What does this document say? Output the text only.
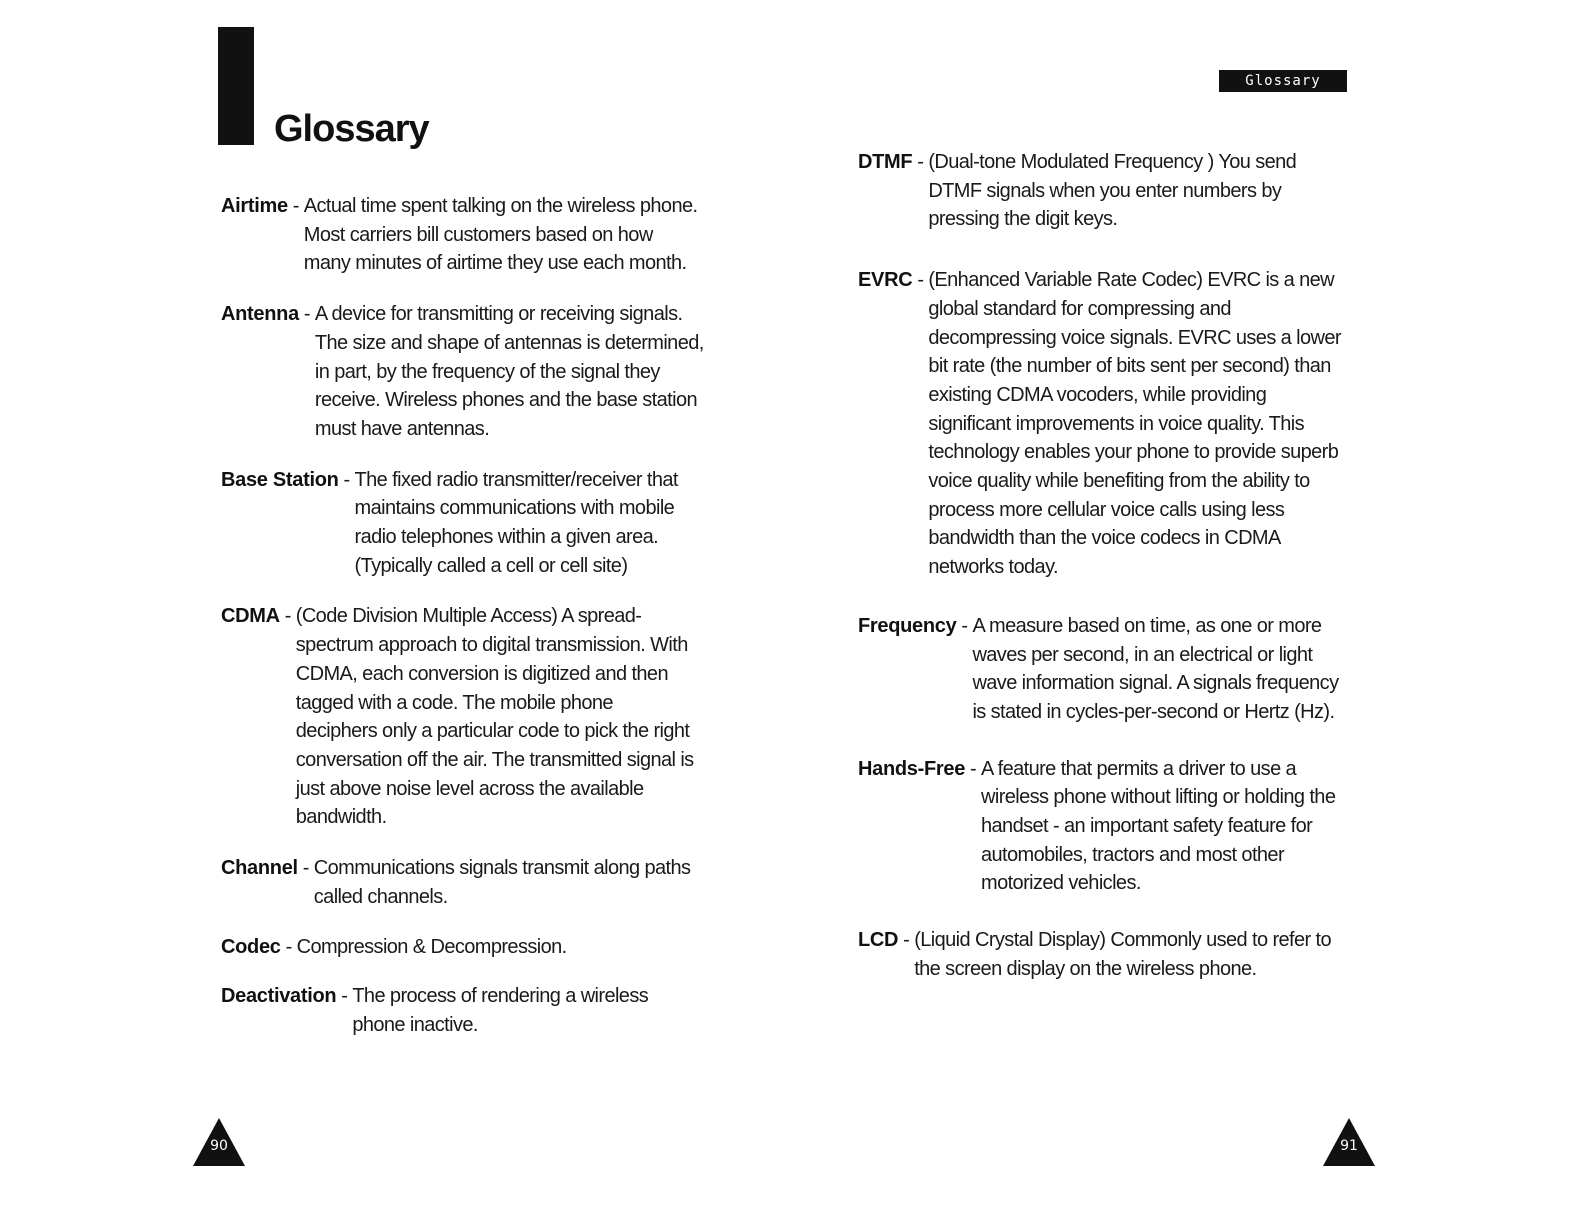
Glossary
Airtime - Actual time spent talking on the wireless phone. Most carriers bill customers based on how many minutes of airtime they use each month.
Antenna - A device for transmitting or receiving signals. The size and shape of antennas is determined, in part, by the frequency of the signal they receive. Wireless phones and the base station must have antennas.
Base Station - The fixed radio transmitter/receiver that maintains communications with mobile radio telephones within a given area. (Typically called a cell or cell site)
CDMA - (Code Division Multiple Access) A spread-spectrum approach to digital transmission. With CDMA, each conversion is digitized and then tagged with a code. The mobile phone deciphers only a particular code to pick the right conversation off the air. The transmitted signal is just above noise level across the available bandwidth.
Channel - Communications signals transmit along paths called channels.
Codec - Compression & Decompression.
Deactivation - The process of rendering a wireless phone inactive.
90
Glossary
DTMF - (Dual-tone Modulated Frequency ) You send DTMF signals when you enter numbers by pressing the digit keys.
EVRC - (Enhanced Variable Rate Codec) EVRC is a new global standard for compressing and decompressing voice signals. EVRC uses a lower bit rate (the number of bits sent per second) than existing CDMA vocoders, while providing significant improvements in voice quality. This technology enables your phone to provide superb voice quality while benefiting from the ability to process more cellular voice calls using less bandwidth than the voice codecs in CDMA networks today.
Frequency - A measure based on time, as one or more waves per second, in an electrical or light wave information signal. A signals frequency is stated in cycles-per-second or Hertz (Hz).
Hands-Free - A feature that permits a driver to use a wireless phone without lifting or holding the handset - an important safety feature for automobiles, tractors and most other motorized vehicles.
LCD - (Liquid Crystal Display) Commonly used to refer to the screen display on the wireless phone.
91
